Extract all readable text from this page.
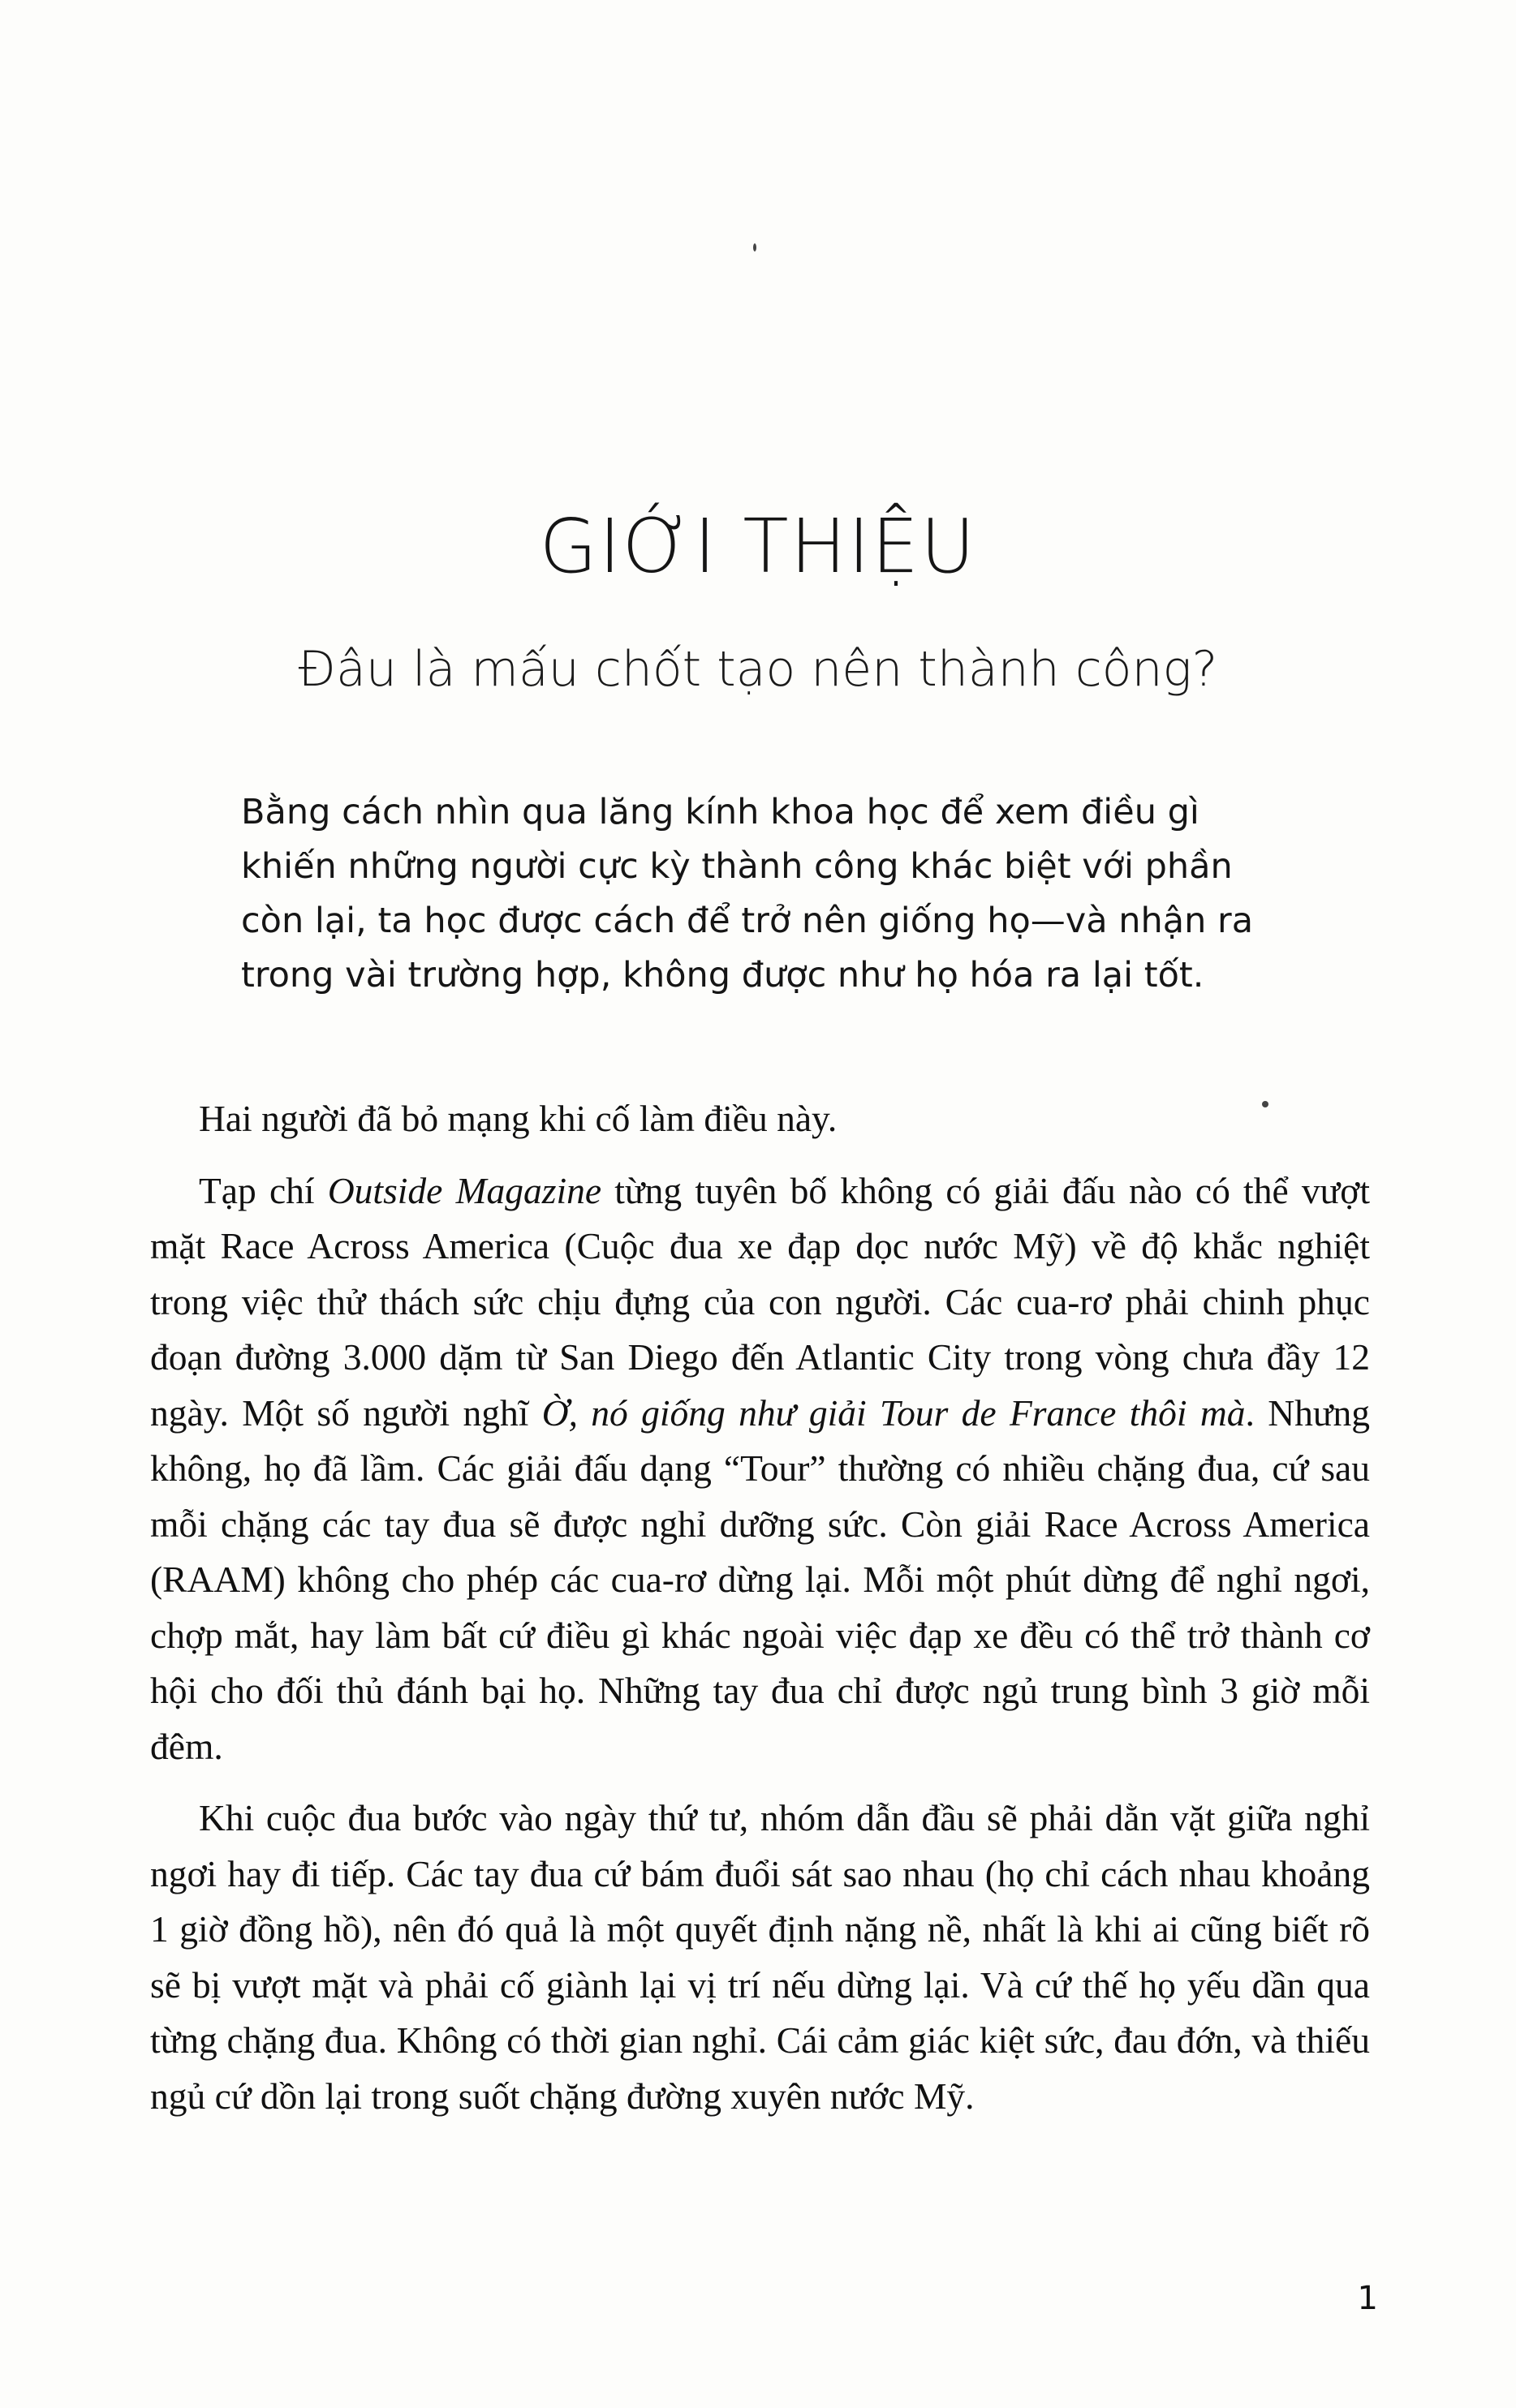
GIỚI THIỆU
Đâu là mấu chốt tạo nên thành công?

Bằng cách nhìn qua lăng kính khoa học để xem điều gì khiến những người cực kỳ thành công khác biệt với phần còn lại, ta học được cách để trở nên giống họ—và nhận ra trong vài trường hợp, không được như họ hóa ra lại tốt.

Hai người đã bỏ mạng khi cố làm điều này.

Tạp chí Outside Magazine từng tuyên bố không có giải đấu nào có thể vượt mặt Race Across America (Cuộc đua xe đạp dọc nước Mỹ) về độ khắc nghiệt trong việc thử thách sức chịu đựng của con người. Các cua-rơ phải chinh phục đoạn đường 3.000 dặm từ San Diego đến Atlantic City trong vòng chưa đầy 12 ngày. Một số người nghĩ Ờ, nó giống như giải Tour de France thôi mà. Nhưng không, họ đã lầm. Các giải đấu dạng “Tour” thường có nhiều chặng đua, cứ sau mỗi chặng các tay đua sẽ được nghỉ dưỡng sức. Còn giải Race Across America (RAAM) không cho phép các cua-rơ dừng lại. Mỗi một phút dừng để nghỉ ngơi, chợp mắt, hay làm bất cứ điều gì khác ngoài việc đạp xe đều có thể trở thành cơ hội cho đối thủ đánh bại họ. Những tay đua chỉ được ngủ trung bình 3 giờ mỗi đêm.

Khi cuộc đua bước vào ngày thứ tư, nhóm dẫn đầu sẽ phải dằn vặt giữa nghỉ ngơi hay đi tiếp. Các tay đua cứ bám đuổi sát sao nhau (họ chỉ cách nhau khoảng 1 giờ đồng hồ), nên đó quả là một quyết định nặng nề, nhất là khi ai cũng biết rõ sẽ bị vượt mặt và phải cố giành lại vị trí nếu dừng lại. Và cứ thế họ yếu dần qua từng chặng đua. Không có thời gian nghỉ. Cái cảm giác kiệt sức, đau đớn, và thiếu ngủ cứ dồn lại trong suốt chặng đường xuyên nước Mỹ.

1
